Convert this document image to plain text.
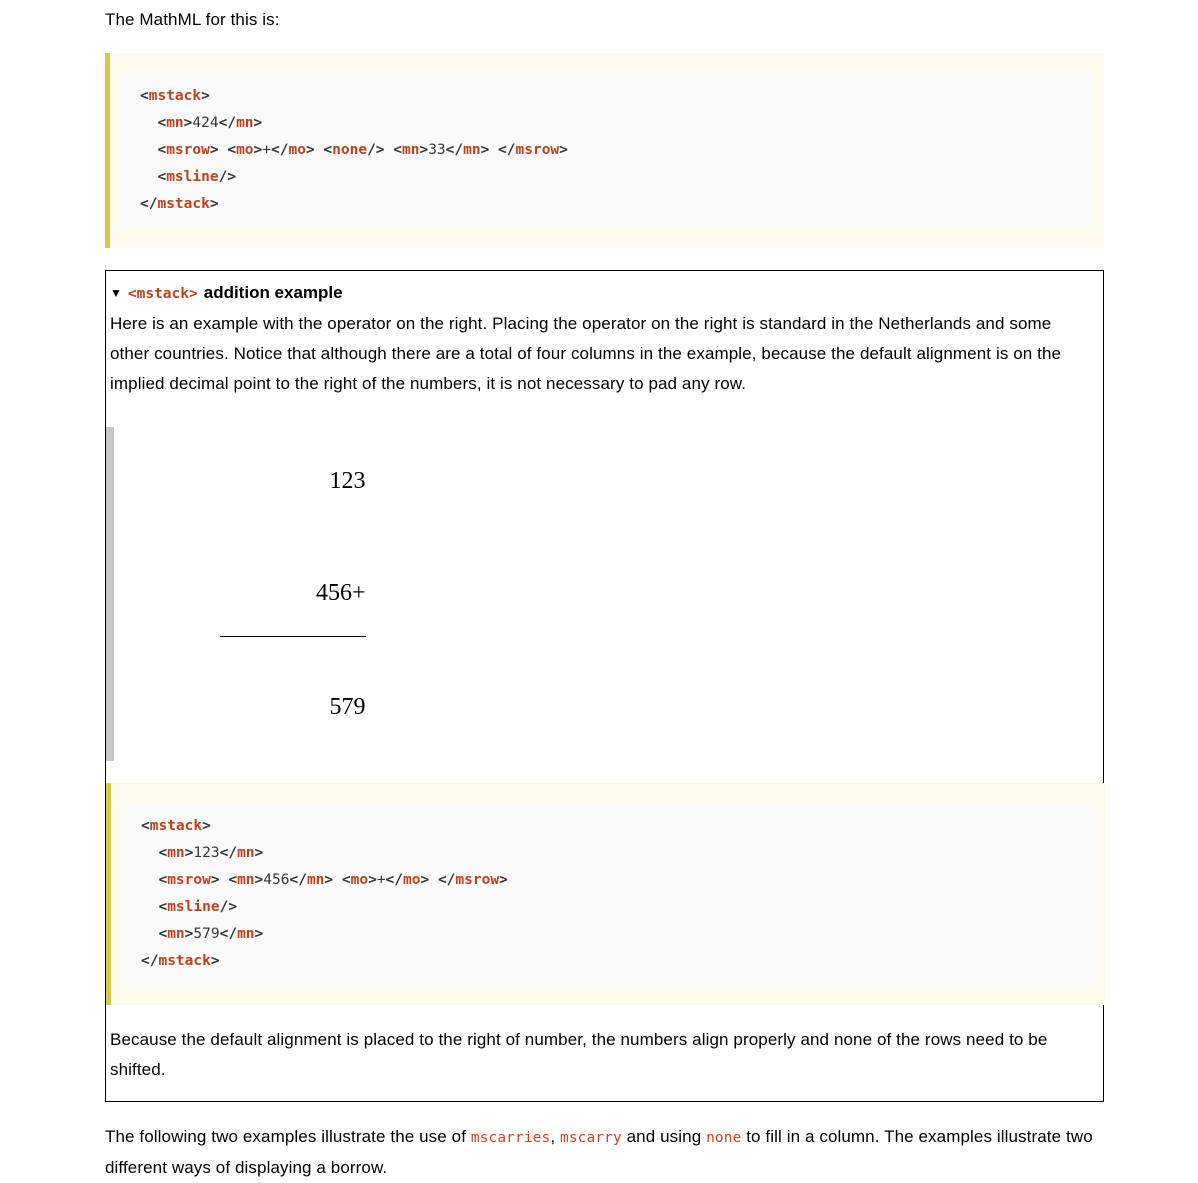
The MathML for this is:

<mstack>
<mn>424</mn>
<msrow> <mo>+</mo> <none/> <mn>33</mn> </msrow>
<msline/>
</mstack>
▼ <mstack> addition example

Here is an example with the operator on the right. Placing the operator on the right is standard in the Netherlands and some other countries. Notice that although there are a total of four columns in the example, because the default alignment is on the implied decimal point to the right of the numbers, it is not necessary to pad any row.

123

456+

579

<mstack>
<mn>123</mn>
<msrow> <mn>456</mn> <mo>+</mo> </msrow>
<msline/>
<mn>579</mn>
</mstack>

Because the default alignment is placed to the right of number, the numbers align properly and none of the rows need to be shifted.

The following two examples illustrate the use of mscarries, mscarry and using none to fill in a column. The examples illustrate two different ways of displaying a borrow.
